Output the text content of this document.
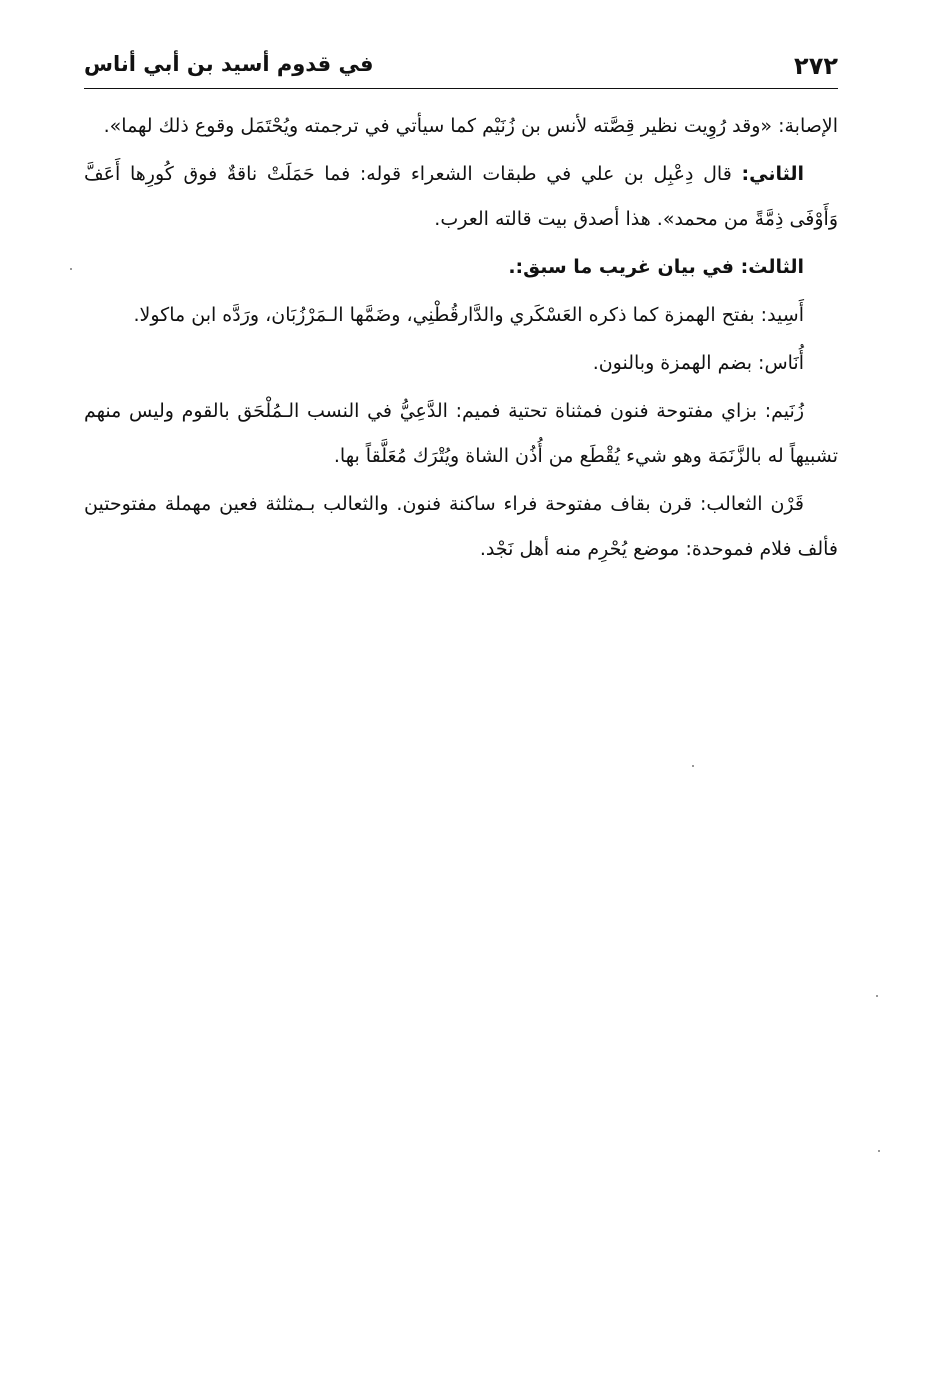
٢٧٢
في قدوم أسيد بن أبي أناس

الإصابة: «وقد رُوِيت نظير قِصَّته لأنس بن زُنَيْم كما سيأتي في ترجمته ويُحْتَمَل وقوع ذلك لهما».

الثاني: قال دِعْبِل بن علي في طبقات الشعراء قوله: فما حَمَلَتْ ناقةٌ فوق كُورِها أَعَفَّ وَأَوْفَى ذِمَّةً من محمد». هذا أصدق بيت قالته العرب.

الثالث: في بيان غريب ما سبق:.

أَسِيد: بفتح الهمزة كما ذكره العَسْكَري والدَّارقُطْنِي، وضَمَّها الـمَرْزُبَان، ورَدَّه ابن ماكولا.

أُنَاس: بضم الهمزة وبالنون.

زُنَيم: بزاي مفتوحة فنون فمثناة تحتية فميم: الدَّعِيُّ في النسب الـمُلْحَق بالقوم وليس منهم تشبيهاً له بالزَّنَمَة وهو شيء يُقْطَع من أُذُن الشاة ويُتْرَك مُعَلَّقاً بها.

قَرْن الثعالب: قرن بقاف مفتوحة فراء ساكنة فنون. والثعالب بـمثلثة فعين مهملة مفتوحتين فألف فلام فموحدة: موضع يُحْرِم منه أهل نَجْد.
